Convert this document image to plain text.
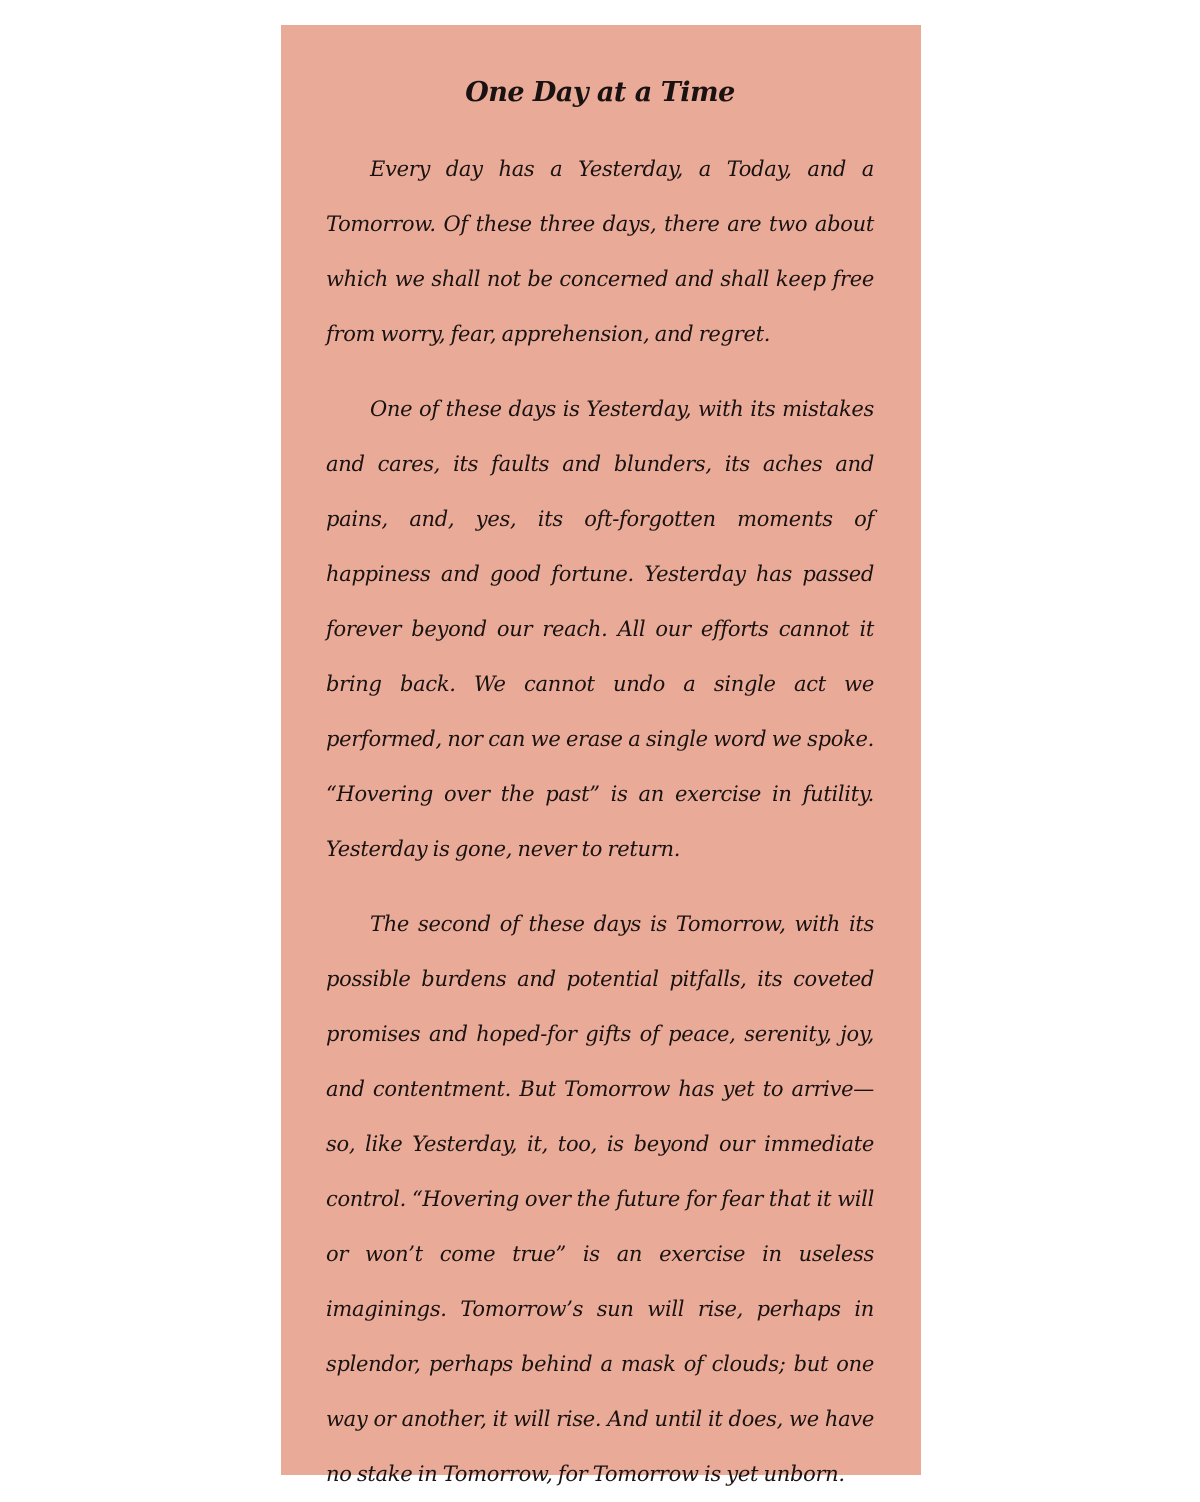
One Day at a Time

Every day has a Yesterday, a Today, and a Tomorrow. Of these three days, there are two about which we shall not be concerned and shall keep free from worry, fear, apprehension, and regret.

One of these days is Yesterday, with its mistakes and cares, its faults and blunders, its aches and pains, and, yes, its oft-forgotten moments of happiness and good fortune. Yesterday has passed forever beyond our reach. All our efforts cannot it bring back. We cannot undo a single act we performed, nor can we erase a single word we spoke. “Hovering over the past” is an exercise in futility. Yesterday is gone, never to return.

The second of these days is Tomorrow, with its possible burdens and potential pitfalls, its coveted promises and hoped-for gifts of peace, serenity, joy, and contentment. But Tomorrow has yet to arrive—so, like Yesterday, it, too, is beyond our immediate control. “Hovering over the future for fear that it will or won’t come true” is an exercise in useless imaginings. Tomorrow’s sun will rise, perhaps in splendor, perhaps behind a mask of clouds; but one way or another, it will rise. And until it does, we have no stake in Tomorrow, for Tomorrow is yet unborn.
